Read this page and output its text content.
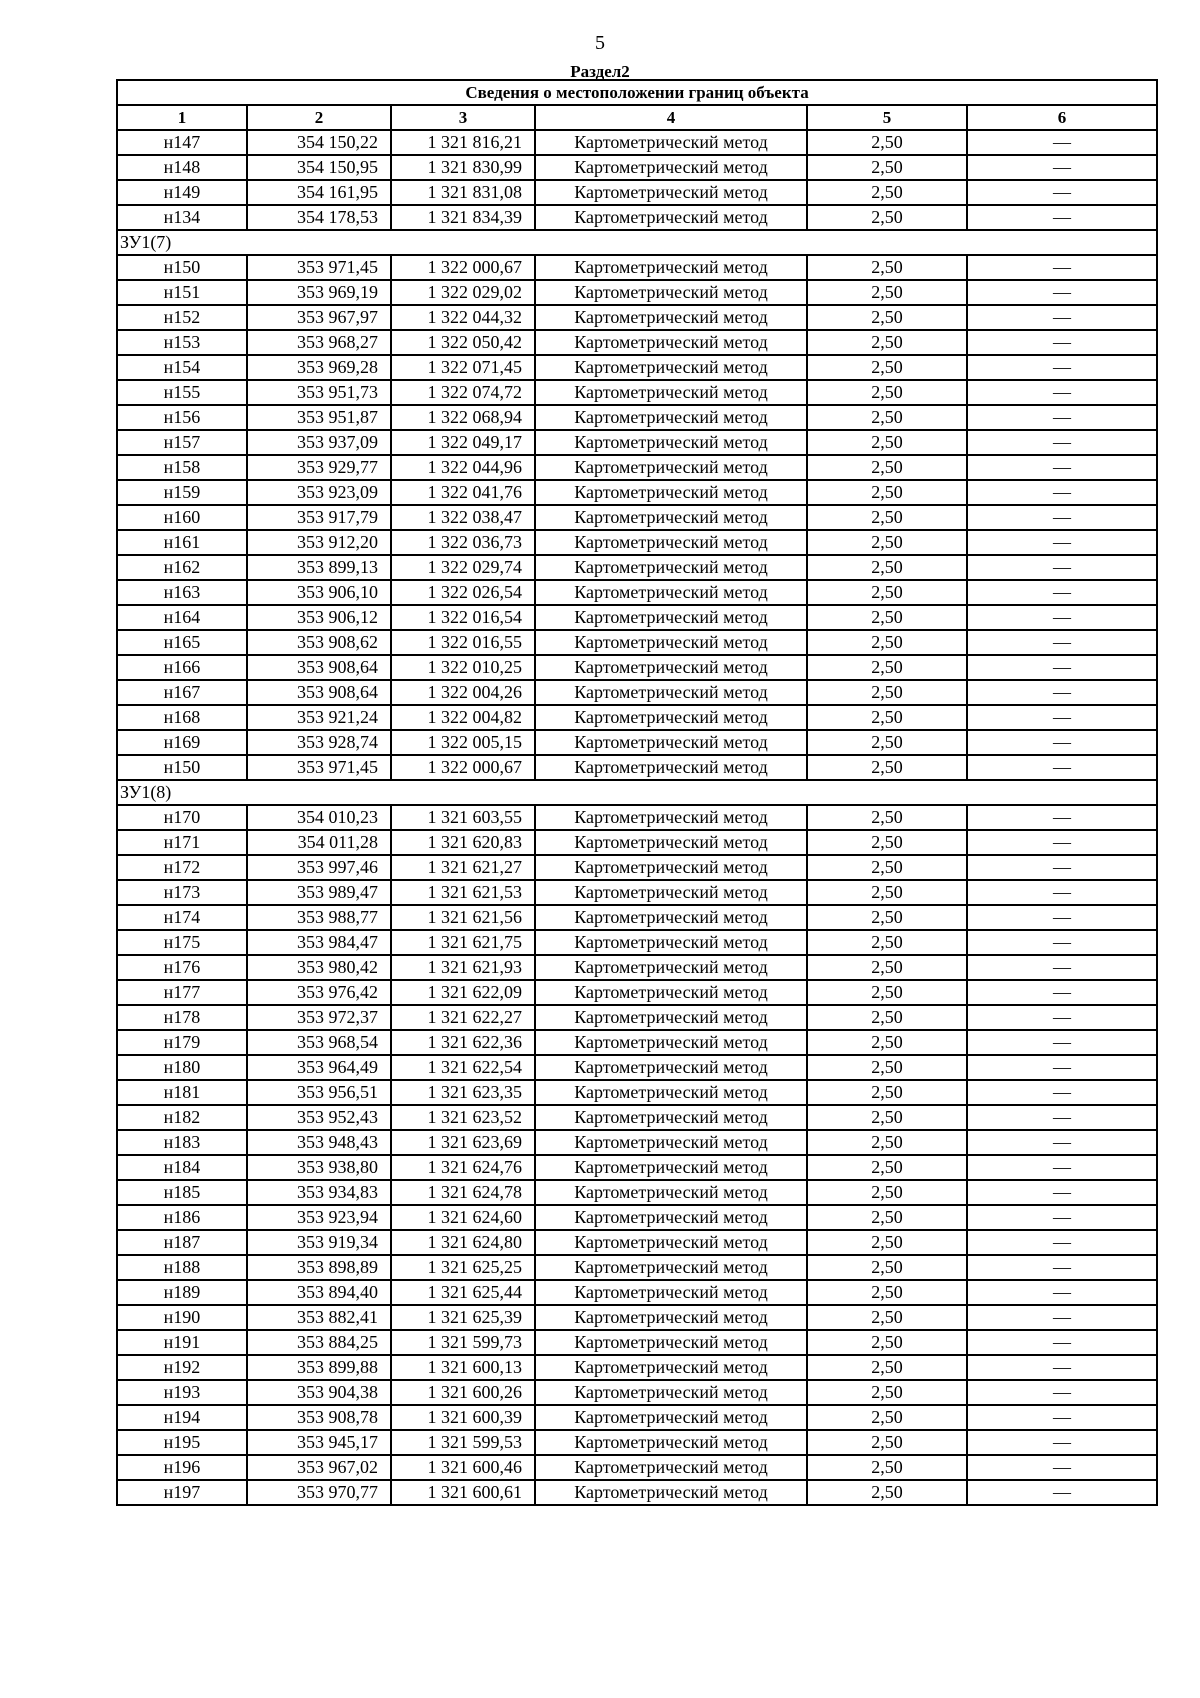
5
Раздел2
Сведения о местоположении границ объекта					
1	2	3	4	5	6
н147	354 150,22	1 321 816,21	Картометрический метод	2,50	—
н148	354 150,95	1 321 830,99	Картометрический метод	2,50	—
н149	354 161,95	1 321 831,08	Картометрический метод	2,50	—
н134	354 178,53	1 321 834,39	Картометрический метод	2,50	—
ЗУ1(7)					
н150	353 971,45	1 322 000,67	Картометрический метод	2,50	—
н151	353 969,19	1 322 029,02	Картометрический метод	2,50	—
н152	353 967,97	1 322 044,32	Картометрический метод	2,50	—
н153	353 968,27	1 322 050,42	Картометрический метод	2,50	—
н154	353 969,28	1 322 071,45	Картометрический метод	2,50	—
н155	353 951,73	1 322 074,72	Картометрический метод	2,50	—
н156	353 951,87	1 322 068,94	Картометрический метод	2,50	—
н157	353 937,09	1 322 049,17	Картометрический метод	2,50	—
н158	353 929,77	1 322 044,96	Картометрический метод	2,50	—
н159	353 923,09	1 322 041,76	Картометрический метод	2,50	—
н160	353 917,79	1 322 038,47	Картометрический метод	2,50	—
н161	353 912,20	1 322 036,73	Картометрический метод	2,50	—
н162	353 899,13	1 322 029,74	Картометрический метод	2,50	—
н163	353 906,10	1 322 026,54	Картометрический метод	2,50	—
н164	353 906,12	1 322 016,54	Картометрический метод	2,50	—
н165	353 908,62	1 322 016,55	Картометрический метод	2,50	—
н166	353 908,64	1 322 010,25	Картометрический метод	2,50	—
н167	353 908,64	1 322 004,26	Картометрический метод	2,50	—
н168	353 921,24	1 322 004,82	Картометрический метод	2,50	—
н169	353 928,74	1 322 005,15	Картометрический метод	2,50	—
н150	353 971,45	1 322 000,67	Картометрический метод	2,50	—
ЗУ1(8)					
н170	354 010,23	1 321 603,55	Картометрический метод	2,50	—
н171	354 011,28	1 321 620,83	Картометрический метод	2,50	—
н172	353 997,46	1 321 621,27	Картометрический метод	2,50	—
н173	353 989,47	1 321 621,53	Картометрический метод	2,50	—
н174	353 988,77	1 321 621,56	Картометрический метод	2,50	—
н175	353 984,47	1 321 621,75	Картометрический метод	2,50	—
н176	353 980,42	1 321 621,93	Картометрический метод	2,50	—
н177	353 976,42	1 321 622,09	Картометрический метод	2,50	—
н178	353 972,37	1 321 622,27	Картометрический метод	2,50	—
н179	353 968,54	1 321 622,36	Картометрический метод	2,50	—
н180	353 964,49	1 321 622,54	Картометрический метод	2,50	—
н181	353 956,51	1 321 623,35	Картометрический метод	2,50	—
н182	353 952,43	1 321 623,52	Картометрический метод	2,50	—
н183	353 948,43	1 321 623,69	Картометрический метод	2,50	—
н184	353 938,80	1 321 624,76	Картометрический метод	2,50	—
н185	353 934,83	1 321 624,78	Картометрический метод	2,50	—
н186	353 923,94	1 321 624,60	Картометрический метод	2,50	—
н187	353 919,34	1 321 624,80	Картометрический метод	2,50	—
н188	353 898,89	1 321 625,25	Картометрический метод	2,50	—
н189	353 894,40	1 321 625,44	Картометрический метод	2,50	—
н190	353 882,41	1 321 625,39	Картометрический метод	2,50	—
н191	353 884,25	1 321 599,73	Картометрический метод	2,50	—
н192	353 899,88	1 321 600,13	Картометрический метод	2,50	—
н193	353 904,38	1 321 600,26	Картометрический метод	2,50	—
н194	353 908,78	1 321 600,39	Картометрический метод	2,50	—
н195	353 945,17	1 321 599,53	Картометрический метод	2,50	—
н196	353 967,02	1 321 600,46	Картометрический метод	2,50	—
н197	353 970,77	1 321 600,61	Картометрический метод	2,50	—
